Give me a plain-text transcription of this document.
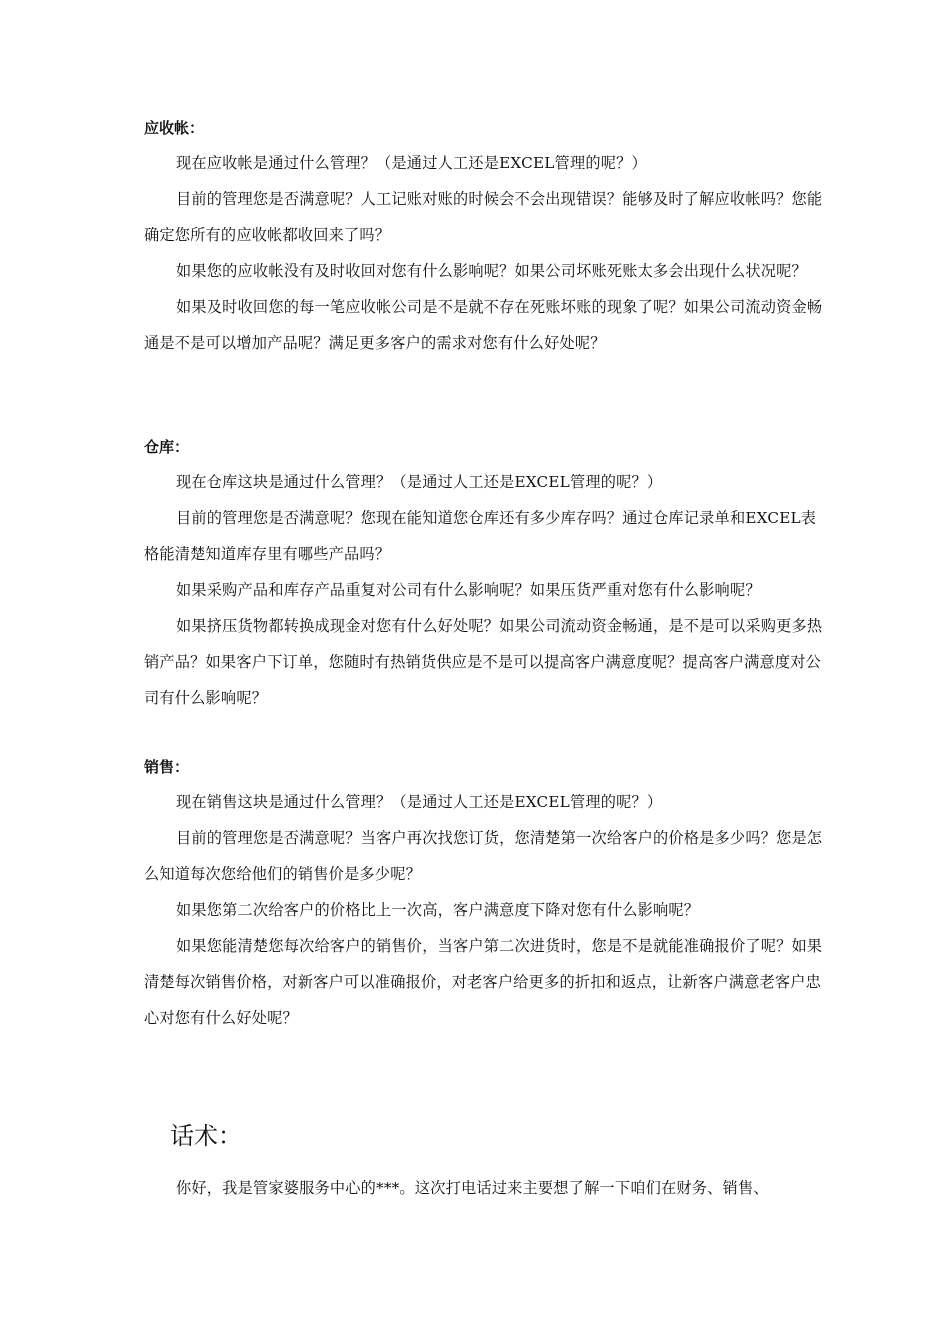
应收帐：

现在应收帐是通过什么管理？（是通过人工还是EXCEL管理的呢？）

目前的管理您是否满意呢？人工记账对账的时候会不会出现错误？能够及时了解应收帐吗？您能确定您所有的应收帐都收回来了吗？

如果您的应收帐没有及时收回对您有什么影响呢？如果公司坏账死账太多会出现什么状况呢？

如果及时收回您的每一笔应收帐公司是不是就不存在死账坏账的现象了呢？如果公司流动资金畅通是不是可以增加产品呢？满足更多客户的需求对您有什么好处呢？

仓库：

现在仓库这块是通过什么管理？（是通过人工还是EXCEL管理的呢？）

目前的管理您是否满意呢？您现在能知道您仓库还有多少库存吗？通过仓库记录单和EXCEL表格能清楚知道库存里有哪些产品吗？

如果采购产品和库存产品重复对公司有什么影响呢？如果压货严重对您有什么影响呢？

如果挤压货物都转换成现金对您有什么好处呢？如果公司流动资金畅通，是不是可以采购更多热销产品？如果客户下订单，您随时有热销货供应是不是可以提高客户满意度呢？提高客户满意度对公司有什么影响呢？

销售：

现在销售这块是通过什么管理？（是通过人工还是EXCEL管理的呢？）

目前的管理您是否满意呢？当客户再次找您订货，您清楚第一次给客户的价格是多少吗？您是怎么知道每次您给他们的销售价是多少呢？

如果您第二次给客户的价格比上一次高，客户满意度下降对您有什么影响呢？

如果您能清楚您每次给客户的销售价，当客户第二次进货时，您是不是就能准确报价了呢？如果清楚每次销售价格，对新客户可以准确报价，对老客户给更多的折扣和返点，让新客户满意老客户忠心对您有什么好处呢？

话术：

你好，我是管家婆服务中心的***。这次打电话过来主要想了解一下咱们在财务、销售、
